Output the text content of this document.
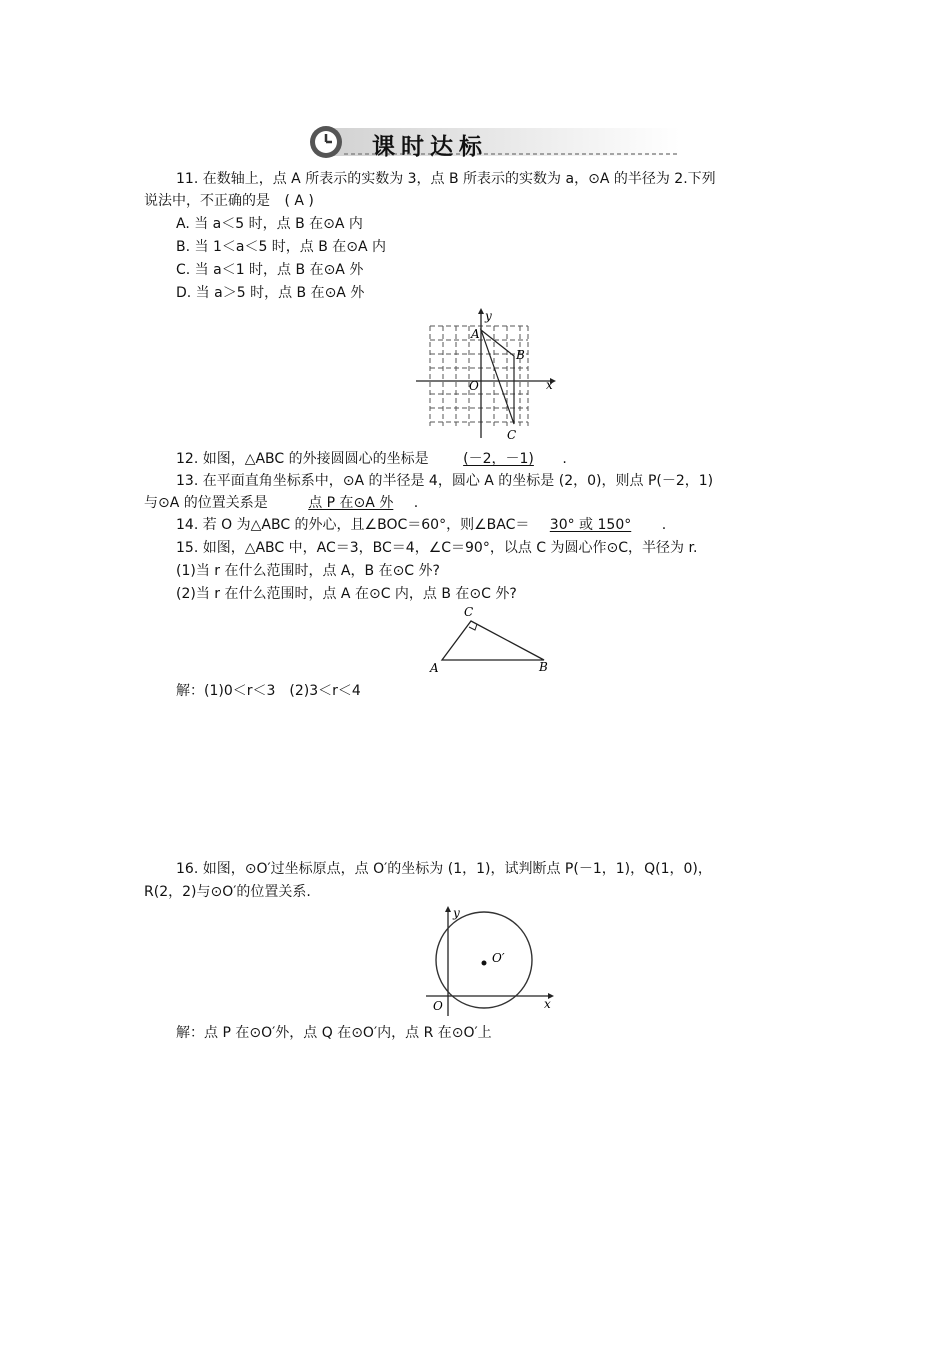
课时达标
11. 在数轴上，点 A 所表示的实数为 3，点 B 所表示的实数为 a，⊙A 的半径为 2.下列
说法中，不正确的是 ( A )
A. 当 a＜5 时，点 B 在⊙A 内
B. 当 1＜a＜5 时，点 B 在⊙A 内
C. 当 a＜1 时，点 B 在⊙A 外
D. 当 a＞5 时，点 B 在⊙A 外
A
B
C
O	x
y
12. 如图，△ABC 的外接圆圆心的坐标是 (－2，－1) .
13. 在平面直角坐标系中，⊙A 的半径是 4，圆心 A 的坐标是 (2，0)，则点 P(－2，1)
与⊙A 的位置关系是	点 P 在⊙A 外 .
14. 若 O 为△ABC 的外心，且∠BOC＝60°，则∠BAC＝ 30° 或 150° .
15. 如图，△ABC 中，AC＝3，BC＝4，∠C＝90°，以点 C 为圆心作⊙C，半径为 r.
(1)当 r 在什么范围时，点 A，B 在⊙C 外?
(2)当 r 在什么范围时，点 A 在⊙C 内，点 B 在⊙C 外?
C
A	B
解：(1)0＜r＜3　(2)3＜r＜4
16. 如图，⊙O′过坐标原点，点 O′的坐标为 (1，1)，试判断点 P(－1，1)，Q(1，0)，
R(2，2)与⊙O′的位置关系.
O′
O	x
y
解：点 P 在⊙O′外，点 Q 在⊙O′内，点 R 在⊙O′上
